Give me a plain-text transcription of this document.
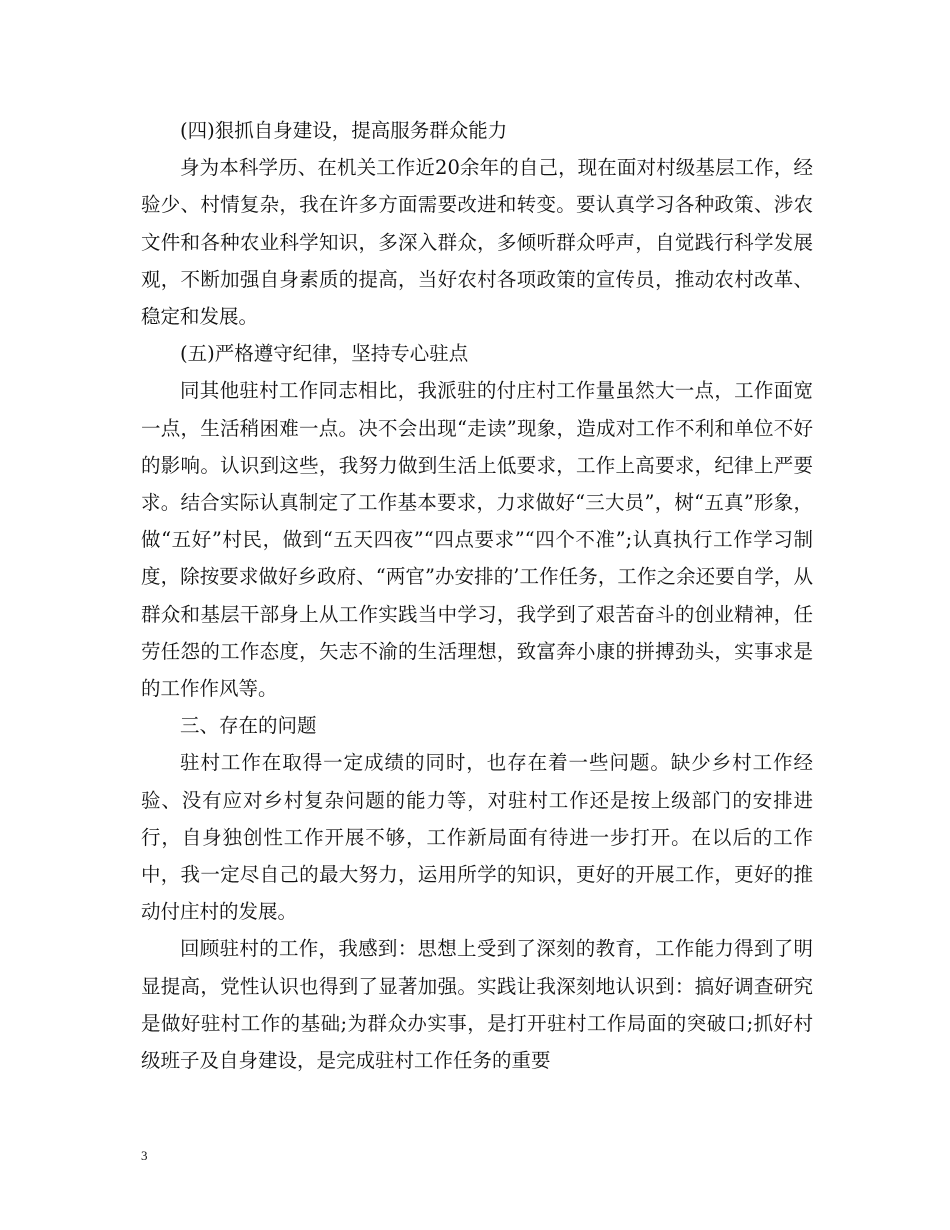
(四)狠抓自身建设，提高服务群众能力

身为本科学历、在机关工作近20余年的自己，现在面对村级基层工作，经验少、村情复杂，我在许多方面需要改进和转变。要认真学习各种政策、涉农文件和各种农业科学知识，多深入群众，多倾听群众呼声，自觉践行科学发展观，不断加强自身素质的提高，当好农村各项政策的宣传员，推动农村改革、稳定和发展。

(五)严格遵守纪律，坚持专心驻点

同其他驻村工作同志相比，我派驻的付庄村工作量虽然大一点，工作面宽一点，生活稍困难一点。决不会出现“走读”现象，造成对工作不利和单位不好的影响。认识到这些，我努力做到生活上低要求，工作上高要求，纪律上严要求。结合实际认真制定了工作基本要求，力求做好“三大员”，树“五真”形象，做“五好”村民，做到“五天四夜”“四点要求”“四个不准”;认真执行工作学习制度，除按要求做好乡政府、“两官”办安排的’工作任务，工作之余还要自学，从群众和基层干部身上从工作实践当中学习，我学到了艰苦奋斗的创业精神，任劳任怨的工作态度，矢志不渝的生活理想，致富奔小康的拼搏劲头，实事求是的工作作风等。

三、存在的问题

驻村工作在取得一定成绩的同时，也存在着一些问题。缺少乡村工作经验、没有应对乡村复杂问题的能力等，对驻村工作还是按上级部门的安排进行，自身独创性工作开展不够，工作新局面有待进一步打开。在以后的工作中，我一定尽自己的最大努力，运用所学的知识，更好的开展工作，更好的推动付庄村的发展。

回顾驻村的工作，我感到：思想上受到了深刻的教育，工作能力得到了明显提高，党性认识也得到了显著加强。实践让我深刻地认识到：搞好调查研究是做好驻村工作的基础;为群众办实事，是打开驻村工作局面的突破口;抓好村级班子及自身建设，是完成驻村工作任务的重要

3
